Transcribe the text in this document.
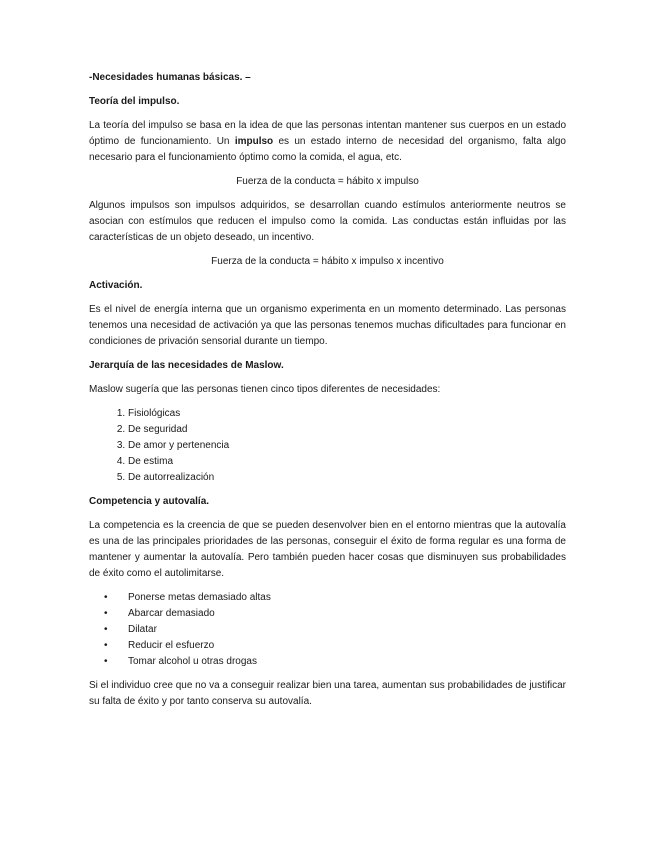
-Necesidades humanas básicas. –

Teoría del impulso.

La teoría del impulso se basa en la idea de que las personas intentan mantener sus cuerpos en un estado óptimo de funcionamiento. Un impulso es un estado interno de necesidad del organismo, falta algo necesario para el funcionamiento óptimo como la comida, el agua, etc.

Fuerza de la conducta = hábito x impulso

Algunos impulsos son impulsos adquiridos, se desarrollan cuando estímulos anteriormente neutros se asocian con estímulos que reducen el impulso como la comida. Las conductas están influidas por las características de un objeto deseado, un incentivo.

Fuerza de la conducta = hábito x impulso x incentivo

Activación.

Es el nivel de energía interna que un organismo experimenta en un momento determinado. Las personas tenemos una necesidad de activación ya que las personas tenemos muchas dificultades para funcionar en condiciones de privación sensorial durante un tiempo.

Jerarquía de las necesidades de Maslow.

Maslow sugería que las personas tienen cinco tipos diferentes de necesidades:

1. Fisiológicas
2. De seguridad
3. De amor y pertenencia
4. De estima
5. De autorrealización

Competencia y autovalía.

La competencia es la creencia de que se pueden desenvolver bien en el entorno mientras que la autovalía es una de las principales prioridades de las personas, conseguir el éxito de forma regular es una forma de mantener y aumentar la autovalía. Pero también pueden hacer cosas que disminuyen sus probabilidades de éxito como el autolimitarse.

• Ponerse metas demasiado altas
• Abarcar demasiado
• Dilatar
• Reducir el esfuerzo
• Tomar alcohol u otras drogas

Si el individuo cree que no va a conseguir realizar bien una tarea, aumentan sus probabilidades de justificar su falta de éxito y por tanto conserva su autovalía.
